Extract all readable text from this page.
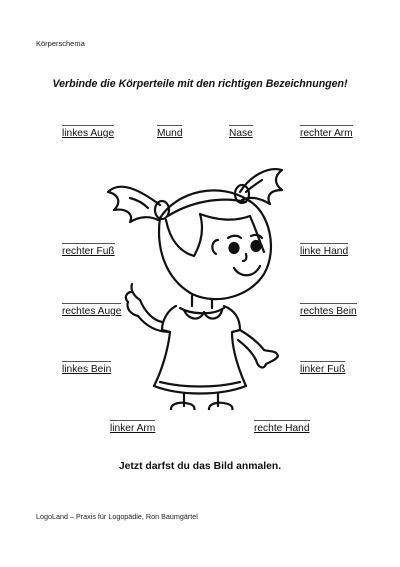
Körperschema
Verbinde die Körperteile mit den richtigen Bezeichnungen!
linkes Auge	Mund	Nase	rechter Arm
rechter Fuß	linke Hand
rechtes Auge	rechtes Bein
linkes Bein	linker Fuß
linker Arm	rechte Hand
Jetzt darfst du das Bild anmalen.
LogoLand – Praxis für Logopädie, Ron Baumgärtel
